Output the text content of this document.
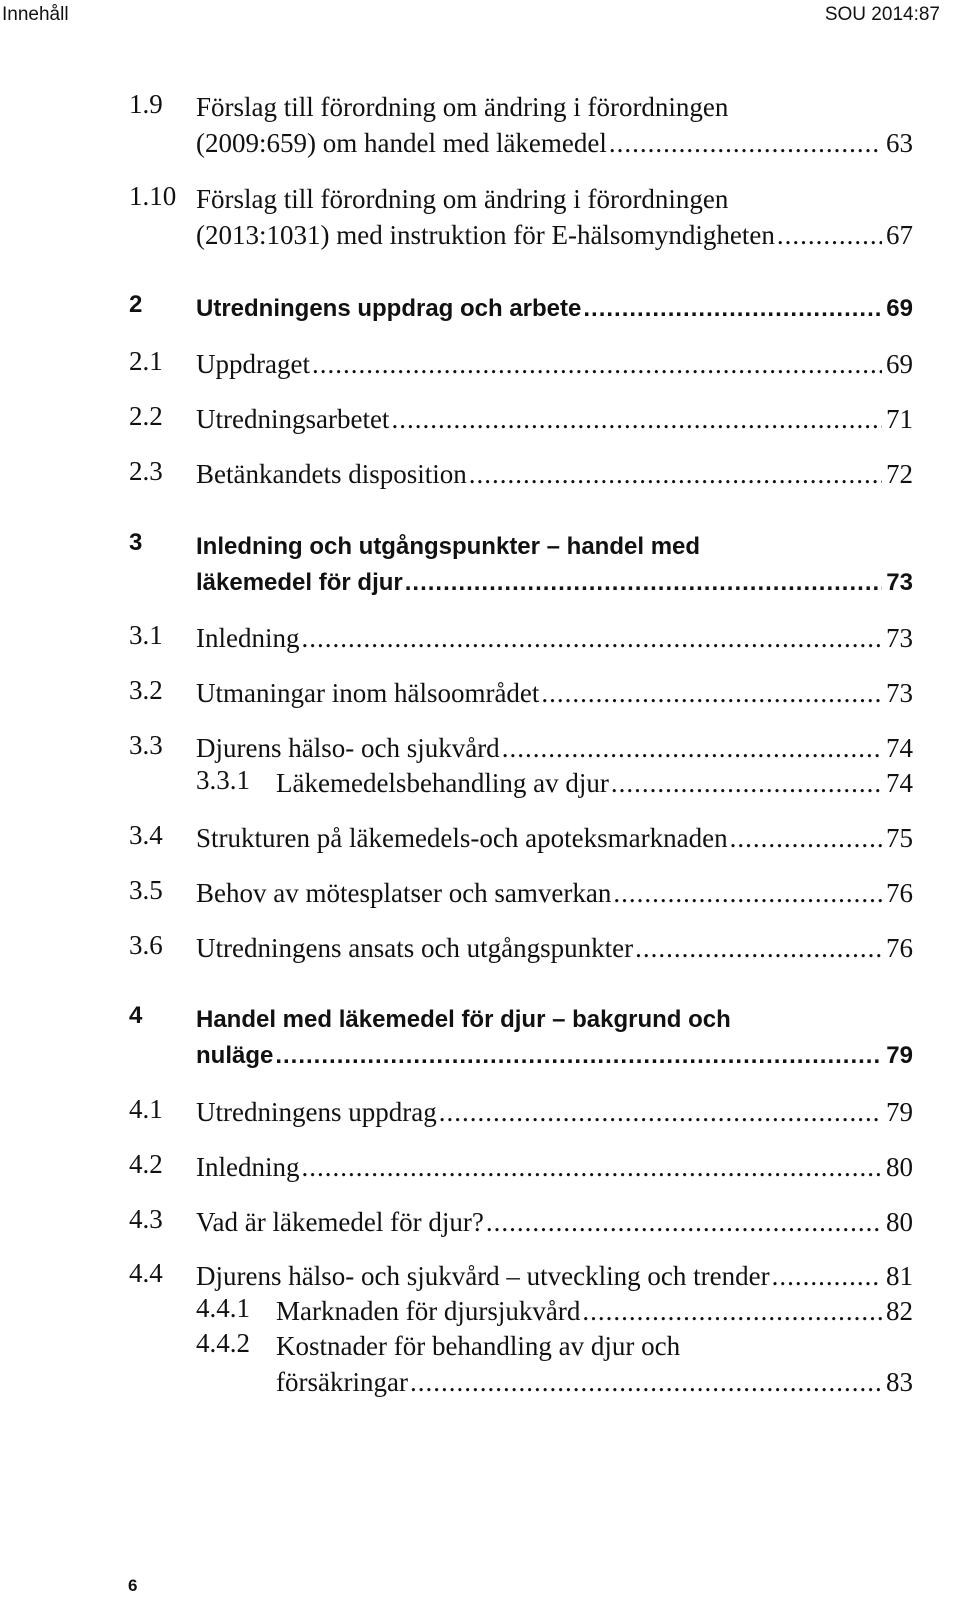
Innehåll	SOU 2014:87
1.9 Förslag till förordning om ändring i förordningen
(2009:659) om handel med läkemedel .....	63
1.10 Förslag till förordning om ändring i förordningen
(2013:1031) med instruktion för E-hälsomyndigheten .....	67
2 Utredningens uppdrag och arbete .....	69
2.1 Uppdraget .....	69
2.2 Utredningsarbetet .....	71
2.3 Betänkandets disposition .....	72
3 Inledning och utgångspunkter – handel med
läkemedel för djur .....	73
3.1 Inledning .....	73
3.2 Utmaningar inom hälsoområdet .....	73
3.3 Djurens hälso- och sjukvård .....	74
3.3.1 Läkemedelsbehandling av djur .....	74
3.4 Strukturen på läkemedels-och apoteksmarknaden .....	75
3.5 Behov av mötesplatser och samverkan .....	76
3.6 Utredningens ansats och utgångspunkter .....	76
4 Handel med läkemedel för djur – bakgrund och
nuläge .....	79
4.1 Utredningens uppdrag .....	79
4.2 Inledning .....	80
4.3 Vad är läkemedel för djur? .....	80
4.4 Djurens hälso- och sjukvård – utveckling och trender .....	81
4.4.1 Marknaden för djursjukvård .....	82
4.4.2 Kostnader för behandling av djur och
försäkringar .....	83
6
